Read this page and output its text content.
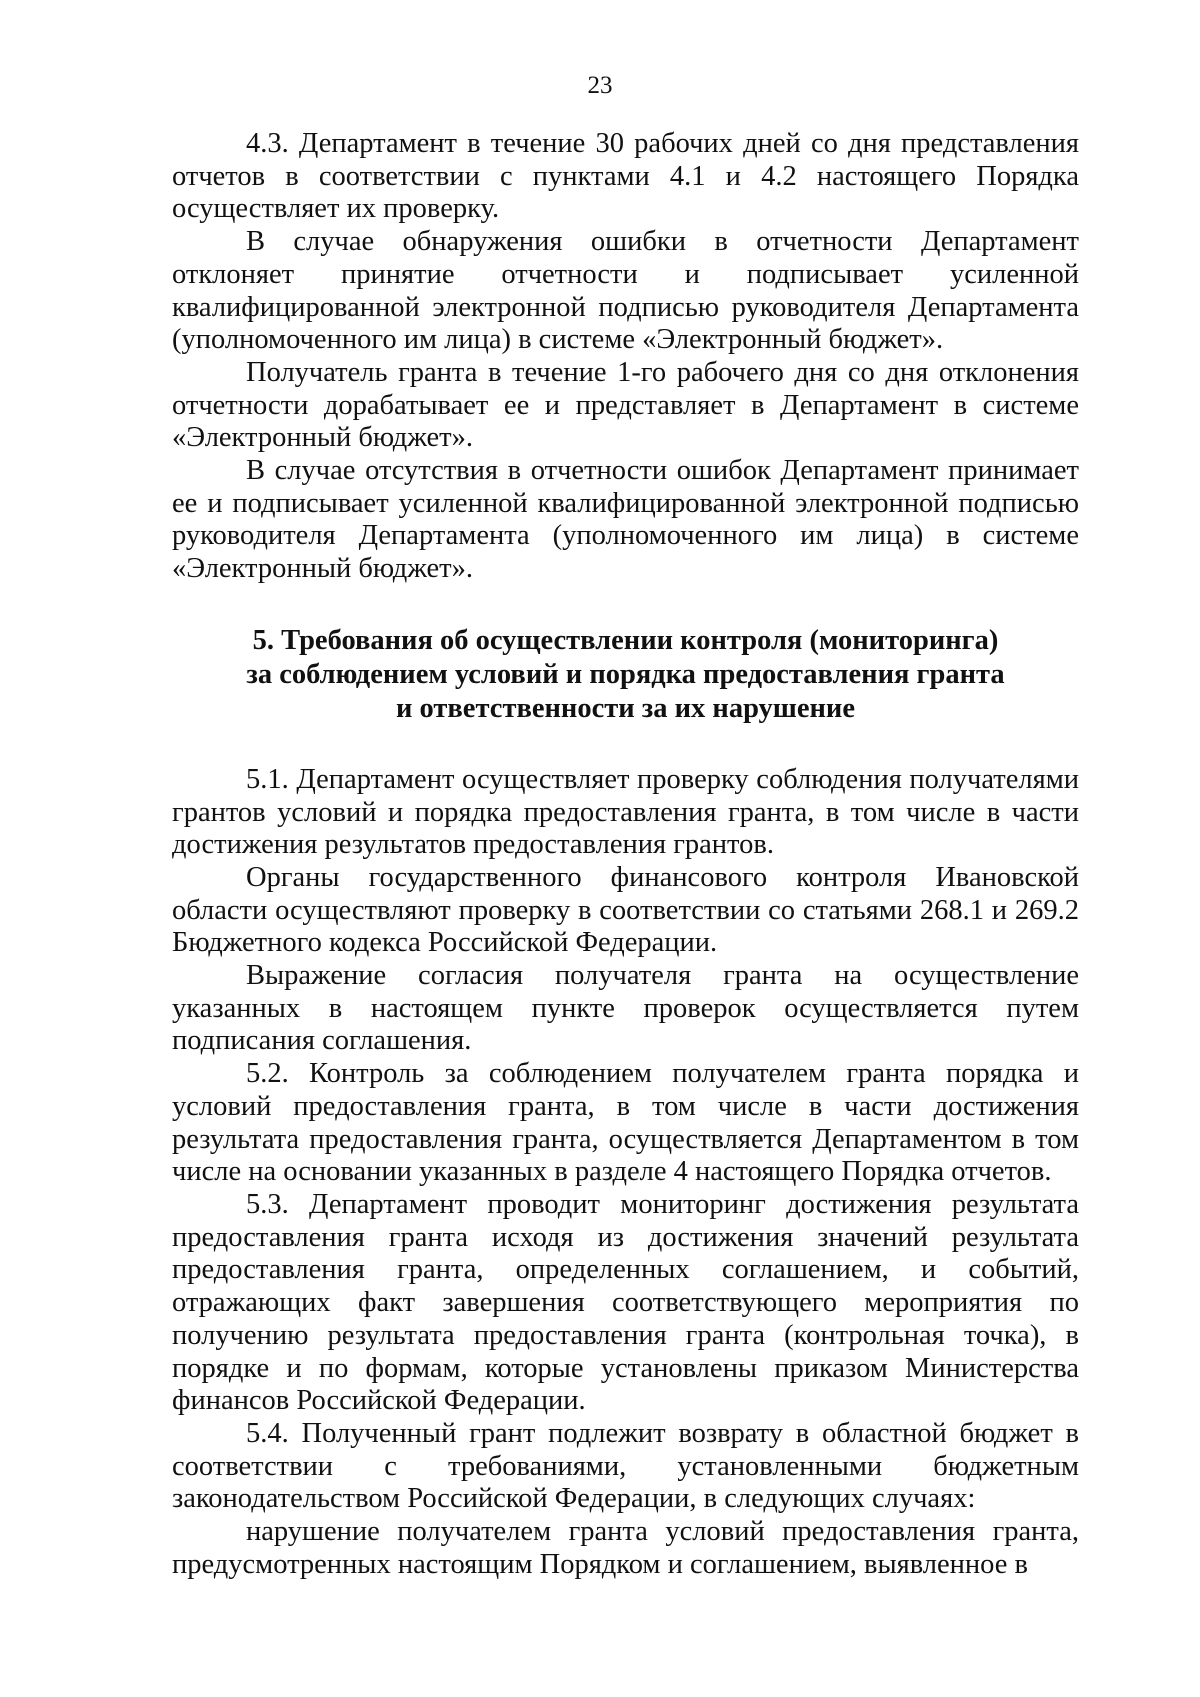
23

4.3. Департамент в течение 30 рабочих дней со дня представления отчетов в соответствии с пунктами 4.1 и 4.2 настоящего Порядка осуществляет их проверку.

В случае обнаружения ошибки в отчетности Департамент отклоняет принятие отчетности и подписывает усиленной квалифицированной электронной подписью руководителя Департамента (уполномоченного им лица) в системе «Электронный бюджет».

Получатель гранта в течение 1-го рабочего дня со дня отклонения отчетности дорабатывает ее и представляет в Департамент в системе «Электронный бюджет».

В случае отсутствия в отчетности ошибок Департамент принимает ее и подписывает усиленной квалифицированной электронной подписью руководителя Департамента (уполномоченного им лица) в системе «Электронный бюджет».

5. Требования об осуществлении контроля (мониторинга)
за соблюдением условий и порядка предоставления гранта
и ответственности за их нарушение

5.1. Департамент осуществляет проверку соблюдения получателями грантов условий и порядка предоставления гранта, в том числе в части достижения результатов предоставления грантов.

Органы государственного финансового контроля Ивановской области осуществляют проверку в соответствии со статьями 268.1 и 269.2 Бюджетного кодекса Российской Федерации.

Выражение согласия получателя гранта на осуществление указанных в настоящем пункте проверок осуществляется путем подписания соглашения.

5.2. Контроль за соблюдением получателем гранта порядка и условий предоставления гранта, в том числе в части достижения результата предоставления гранта, осуществляется Департаментом в том числе на основании указанных в разделе 4 настоящего Порядка отчетов.

5.3. Департамент проводит мониторинг достижения результата предоставления гранта исходя из достижения значений результата предоставления гранта, определенных соглашением, и событий, отражающих факт завершения соответствующего мероприятия по получению результата предоставления гранта (контрольная точка), в порядке и по формам, которые установлены приказом Министерства финансов Российской Федерации.

5.4. Полученный грант подлежит возврату в областной бюджет в соответствии с требованиями, установленными бюджетным законодательством Российской Федерации, в следующих случаях:

нарушение получателем гранта условий предоставления гранта, предусмотренных настоящим Порядком и соглашением, выявленное в
